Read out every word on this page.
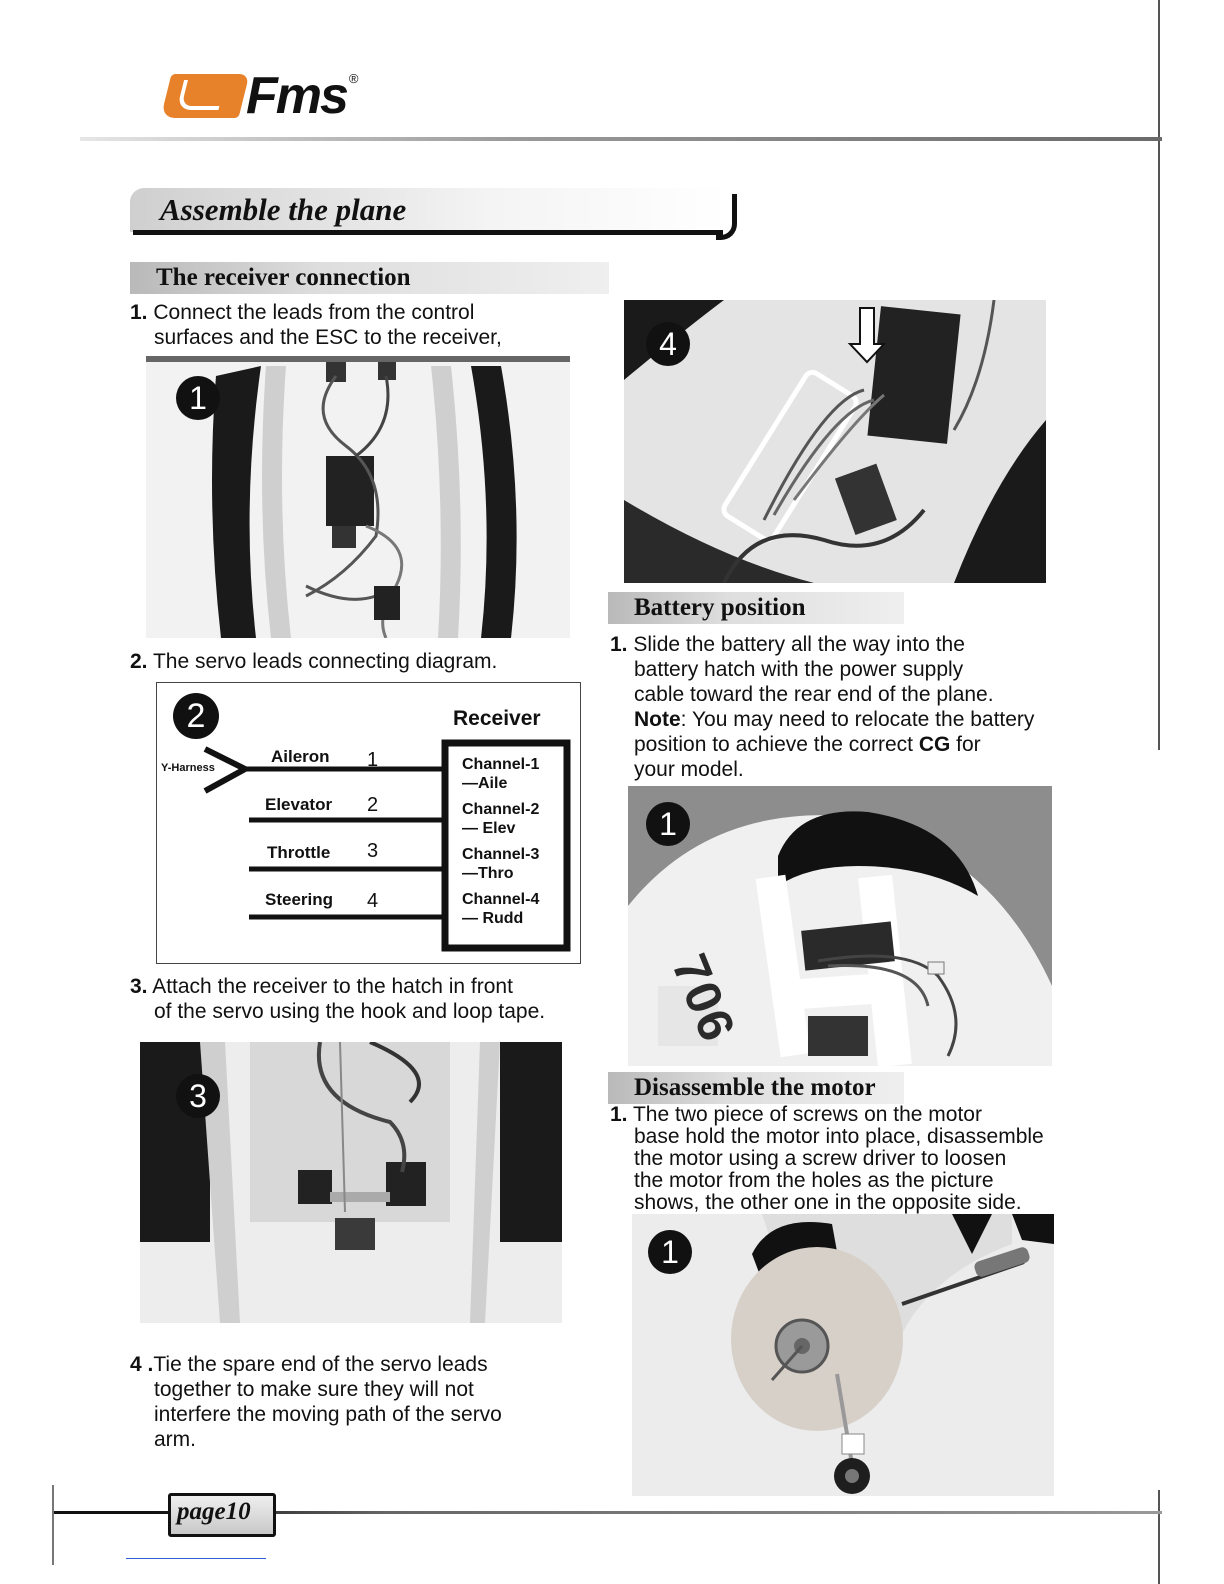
Fms ®
Assemble the plane
The receiver connection
1. Connect the leads from the control
surfaces and the ESC to the receiver,
1
2. The servo leads connecting diagram.
2	Receiver
Y-Harness
Aileron 1
Elevator 2
Throttle 3
Steering 4
Channel-1
—Aile
Channel-2
— Elev
Channel-3
—Thro
Channel-4
— Rudd
3. Attach the receiver to the hatch in front
of the servo using the hook and loop tape.
3
4 .Tie the spare end of the servo leads
together to make sure they will not
interfere the moving path of the servo
arm.
4
Battery position
1. Slide the battery all the way into the
battery hatch with the power supply
cable toward the rear end of the plane.
Note: You may need to relocate the battery
position to achieve the correct CG for
your model.
706
1
Disassemble the motor
1. The two piece of screws on the motor
base hold the motor into place, disassemble
the motor using a screw driver to loosen
the motor from the holes as the picture
shows, the other one in the opposite side.
1
page10
